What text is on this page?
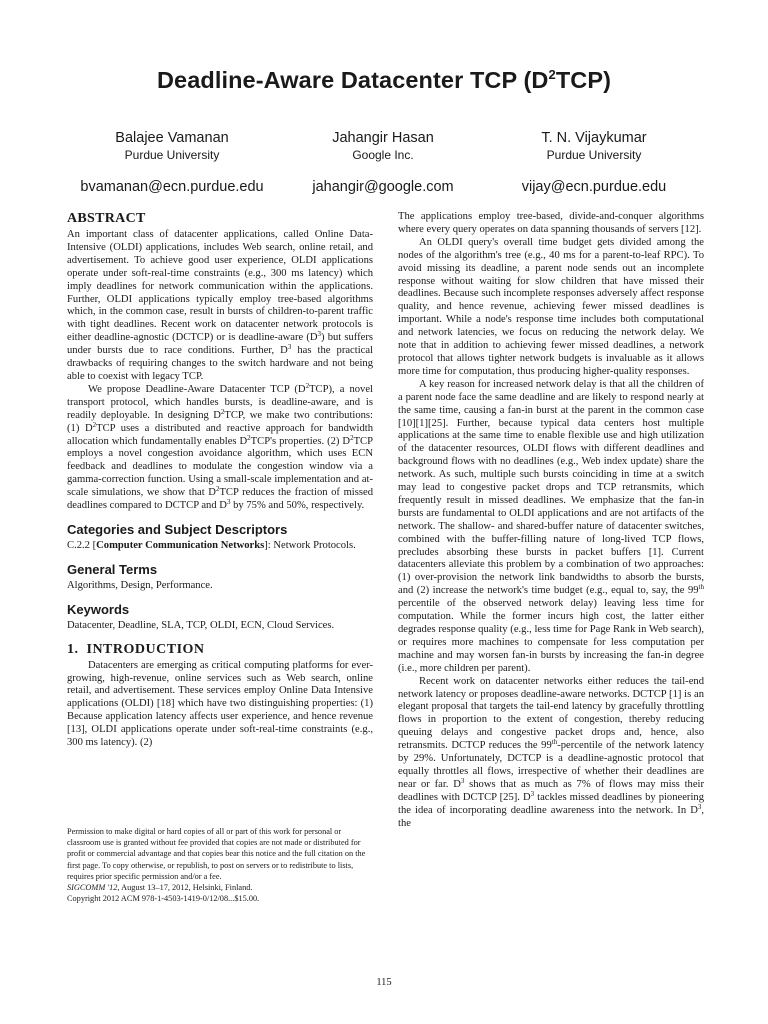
Deadline-Aware Datacenter TCP $(D^2TCP)$
Balajee Vamanan
Purdue University
bvamanan@ecn.purdue.edu
Jahangir Hasan
Google Inc.
jahangir@google.com
T. N. Vijaykumar
Purdue University
vijay@ecn.purdue.edu
ABSTRACT

An important class of datacenter applications, called Online Data-Intensive (OLDI) applications, includes Web search, online retail, and advertisement. To achieve good user experience, OLDI applications operate under soft-real-time constraints (e.g., 300 ms latency) which imply deadlines for network communication within the applications. Further, OLDI applications typically employ tree-based algorithms which, in the common case, result in bursts of children-to-parent traffic with tight deadlines. Recent work on datacenter network protocols is either deadline-agnostic (DCTCP) or is deadline-aware $(D^3)$ but suffers under bursts due to race conditions. Further, $D^3$ has the practical drawbacks of requiring changes to the switch hardware and not being able to coexist with legacy TCP.

We propose Deadline-Aware Datacenter TCP $(D^2TCP)$, a novel transport protocol, which handles bursts, is deadline-aware, and is readily deployable. In designing $D^2TCP$, we make two contributions: (1) $D^2TCP$ uses a distributed and reactive approach for bandwidth allocation which fundamentally enables $D^2TCP's$ properties. (2) $D^2TCP$ employs a novel congestion avoidance algorithm, which uses ECN feedback and deadlines to modulate the congestion window via a gamma-correction function. Using a small-scale implementation and at-scale simulations, we show that $D^2TCP$ reduces the fraction of missed deadlines compared to DCTCP and $D^3$ by 75% and 50%, respectively.

Categories and Subject Descriptors

C.2.2 [Computer Communication Networks]: Network Protocols.

General Terms

Algorithms, Design, Performance.

Keywords

Datacenter, Deadline, SLA, TCP, OLDI, ECN, Cloud Services.

1. INTRODUCTION

Datacenters are emerging as critical computing platforms for ever-growing, high-revenue, online services such as Web search, online retail, and advertisement. These services employ Online Data Intensive applications (OLDI) [18] which have two distinguishing properties: (1) Because application latency affects user experience, and hence revenue [13], OLDI applications operate under soft-real-time constraints (e.g., 300 ms latency). (2)

Permission to make digital or hard copies of all or part of this work for personal or classroom use is granted without fee provided that copies are not made or distributed for profit or commercial advantage and that copies bear this notice and the full citation on the first page. To copy otherwise, or republish, to post on servers or to redistribute to lists, requires prior specific permission and/or a fee.

SIGCOMM '12, August 13–17, 2012, Helsinki, Finland.

Copyright 2012 ACM 978-1-4503-1419-0/12/08...$15.00.

The applications employ tree-based, divide-and-conquer algorithms where every query operates on data spanning thousands of servers [12].

An OLDI query's overall time budget gets divided among the nodes of the algorithm's tree (e.g., 40 ms for a parent-to-leaf RPC). To avoid missing its deadline, a parent node sends out an incomplete response without waiting for slow children that have missed their deadlines. Because such incomplete responses adversely affect response quality, and hence revenue, achieving fewer missed deadlines is important. While a node's response time includes both computational and network latencies, we focus on reducing the network delay. We note that in addition to achieving fewer missed deadlines, a network protocol that allows tighter network budgets is invaluable as it allows more time for computation, thus producing higher-quality responses.

A key reason for increased network delay is that all the children of a parent node face the same deadline and are likely to respond nearly at the same time, causing a fan-in burst at the parent in the common case [10][1][25]. Further, because typical data centers host multiple applications at the same time to enable flexible use and high utilization of the datacenter resources, OLDI flows with different deadlines and background flows with no deadlines (e.g., Web index update) share the network. As such, multiple such bursts coinciding in time at a switch may lead to congestive packet drops and TCP retransmits, which frequently result in missed deadlines. We emphasize that the fan-in bursts are fundamental to OLDI applications and are not artifacts of the network. The shallow- and shared-buffer nature of datacenter switches, combined with the buffer-filling nature of long-lived TCP flows, precludes absorbing these bursts in packet buffers [1]. Current datacenters alleviate this problem by a combination of two approaches: (1) over-provision the network link bandwidths to absorb the bursts, and (2) increase the network's time budget (e.g., equal to, say, the 99th percentile of the observed network delay) leaving less time for computation. While the former incurs high cost, the latter either degrades response quality (e.g., less time for Page Rank in Web search), or requires more machines to compensate for less computation per machine and may worsen fan-in bursts by increasing the fan-in degree (i.e., more children per parent).

Recent work on datacenter networks either reduces the tail-end network latency or proposes deadline-aware networks. DCTCP [1] is an elegant proposal that targets the tail-end latency by gracefully throttling flows in proportion to the extent of congestion, thereby reducing queuing delays and congestive packet drops and, hence, also retransmits. DCTCP reduces the 99th-percentile of the network latency by 29%. Unfortunately, DCTCP is a deadline-agnostic protocol that equally throttles all flows, irrespective of whether their deadlines are near or far. $D^3$ shows that as much as 7% of flows may miss their deadlines with DCTCP [25]. $D^3$ tackles missed deadlines by pioneering the idea of incorporating deadline awareness into the network. In $D^3$, the

115
